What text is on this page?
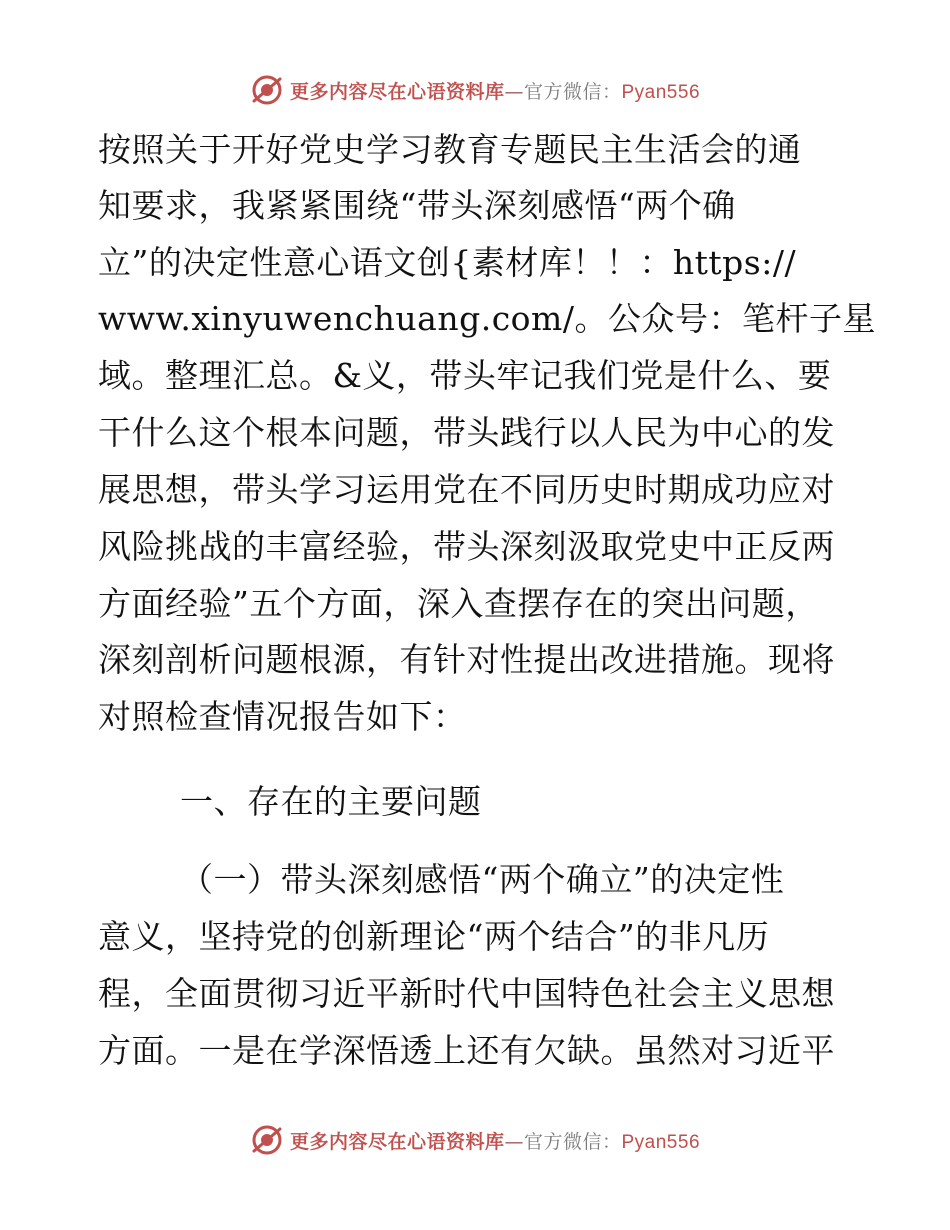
更多内容尽在心语资料库—官方微信：Pyan556
按照关于开好党史学习教育专题民主生活会的通
知要求，我紧紧围绕“带头深刻感悟“两个确
立”的决定性意心语文创{素材库！！：https://
www.xinyuwenchuang.com/。公众号：笔杆子星
域。整理汇总。&义，带头牢记我们党是什么、要
干什么这个根本问题，带头践行以人民为中心的发
展思想，带头学习运用党在不同历史时期成功应对
风险挑战的丰富经验，带头深刻汲取党史中正反两
方面经验”五个方面，深入查摆存在的突出问题，
深刻剖析问题根源，有针对性提出改进措施。现将
对照检查情况报告如下：
一、存在的主要问题
（一）带头深刻感悟“两个确立”的决定性
意义，坚持党的创新理论“两个结合”的非凡历
程，全面贯彻习近平新时代中国特色社会主义思想
方面。一是在学深悟透上还有欠缺。虽然对习近平
更多内容尽在心语资料库—官方微信：Pyan556
